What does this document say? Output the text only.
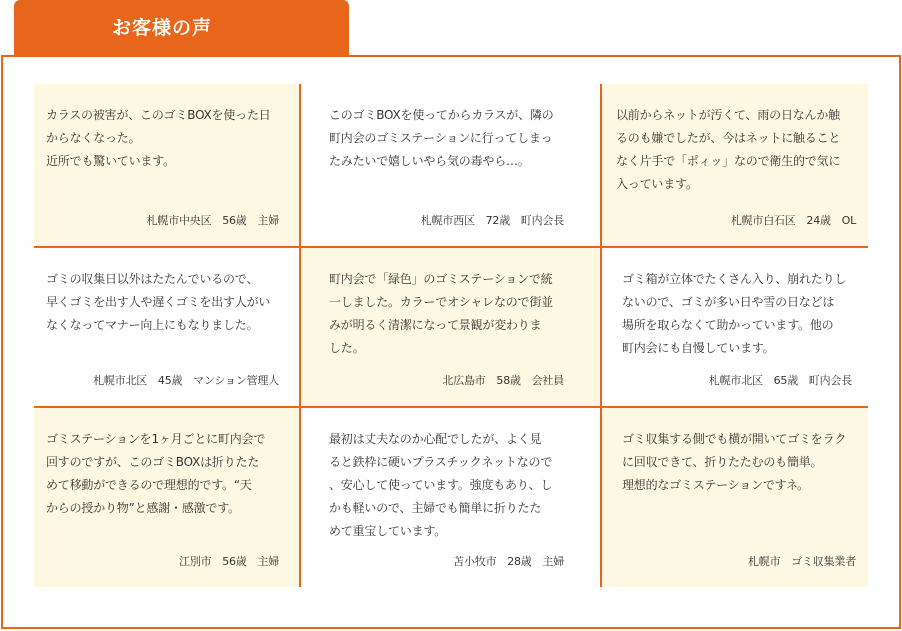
お客様の声
カラスの被害が、このゴミBOXを使った日
からなくなった。
近所でも驚いています。
札幌市中央区　56歳　主婦
このゴミBOXを使ってからカラスが、隣の
町内会のゴミステーションに行ってしまっ
たみたいで嬉しいやら気の毒やら…。
札幌市西区　72歳　町内会長
以前からネットが汚くて、雨の日なんか触
るのも嫌でしたが、今はネットに触ること
なく片手で「ポィッ」なので衛生的で気に
入っています。
札幌市白石区　24歳　OL
ゴミの収集日以外はたたんでいるので、
早くゴミを出す人や遅くゴミを出す人がい
なくなってマナー向上にもなりました。
札幌市北区　45歳　マンション管理人
町内会で「緑色」のゴミステーションで統
一しました。カラーでオシャレなので街並
みが明るく清潔になって景観が変わりま
した。
北広島市　58歳　会社員
ゴミ箱が立体でたくさん入り、崩れたりし
ないので、ゴミが多い日や雪の日などは
場所を取らなくて助かっています。他の
町内会にも自慢しています。
札幌市北区　65歳　町内会長
ゴミステーションを1ヶ月ごとに町内会で
回すのですが、このゴミBOXは折りたた
めて移動ができるので理想的です。“天
からの授かり物”と感謝・感激です。
江別市　56歳　主婦
最初は丈夫なのか心配でしたが、よく見
ると鉄枠に硬いプラスチックネットなので
、安心して使っています。強度もあり、し
かも軽いので、主婦でも簡単に折りたた
めて重宝しています。
苫小牧市　28歳　主婦
ゴミ収集する側でも横が開いてゴミをラク
に回収できて、折りたたむのも簡単。
理想的なゴミステーションですネ。
札幌市　ゴミ収集業者
